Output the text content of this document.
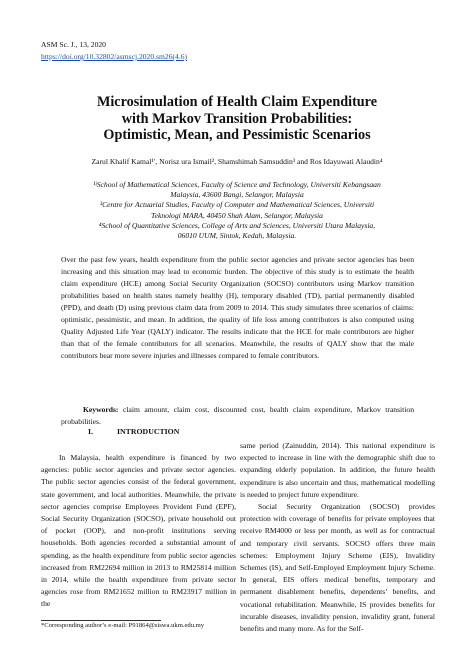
ASM Sc. J., 13, 2020
https://doi.org/10.32802/asmscj.2020.sm26(4.6)
Microsimulation of Health Claim Expenditure
with Markov Transition Probabilities:
Optimistic, Mean, and Pessimistic Scenarios
Zarul Khalif Kamal¹′, Norisz ura Ismail², Shamshimah Samsuddin³ and Ros Idayuwati Alaudin⁴

¹ʲSchool of Mathematical Sciences, Faculty of Science and Technology, Universiti Kebangsaan Malaysia, 43600 Bangi, Selangor, Malaysia

³Centre for Actuarial Studies, Faculty of Computer and Mathematical Sciences, Universiti Teknologi MARA, 40450 Shah Alam, Selangor, Malaysia

⁴School of Quantitative Sciences, College of Arts and Sciences, Universiti Utara Malaysia, 06010 UUM, Sintok, Kedah, Malaysia.

Over the past few years, health expenditure from the public sector agencies and private sector agencies has been increasing and this situation may lead to economic burden. The objective of this study is to estimate the health claim expenditure (HCE) among Social Security Organization (SOCSO) contributors using Markov transition probabilities based on health states namely healthy (H), temporary disabled (TD), partial permanently disabled (PPD), and death (D) using previous claim data from 2009 to 2014. This study simulates three scenarios of claims: optimistic, pessimistic, and mean. In addition, the quality of life loss among contributors is also computed using Quality Adjusted Life Year (QALY) indicator. The results indicate that the HCE for male contributors are higher than that of the female contributors for all scenarios. Meanwhile, the results of QALY show that the male contributors bear more severe injuries and illnesses compared to female contributors.

Keywords: claim amount, claim cost, discounted cost, health claim expenditure, Markov transition probabilities.

I.	INTRODUCTION

In Malaysia, health expenditure is financed by two agencies: public sector agencies and private sector agencies. The public sector agencies consist of the federal government, state government, and local authorities. Meanwhile, the private sector agencies comprise Employees Provident Fund (EPF), Social Security Organization (SOCSO), private household out of pocket (OOP), and non-profit institutions serving households. Both agencies recorded a substantial amount of spending, as the health expenditure from public sector agencies increased from RM22694 million in 2013 to RM25814 million in 2014, while the health expenditure from private sector agencies rose from RM21652 million to RM23917 million in the

same period (Zainuddin, 2014). This national expenditure is expected to increase in line with the demographic shift due to expanding elderly population. In addition, the future health expenditure is also uncertain and thus, mathematical modelling is needed to project future expenditure.

Social Security Organization (SOCSO) provides protection with coverage of benefits for private employees that receive RM4000 or less per month, as well as for contractual and temporary civil servants. SOCSO offers three main schemes: Employment Injury Scheme (EIS), Invalidity Schemes (IS), and Self-Employed Employment Injury Scheme. In general, EIS offers medical benefits, temporary and permanent disablement benefits, dependents’ benefits, and vocational rehabilitation. Meanwhile, IS provides benefits for incurable diseases, invalidity pension, invalidity grant, funeral benefits and many more. As for the Self-

*Corresponding author’s e-mail: P91864@siswa.ukm.edu.my
